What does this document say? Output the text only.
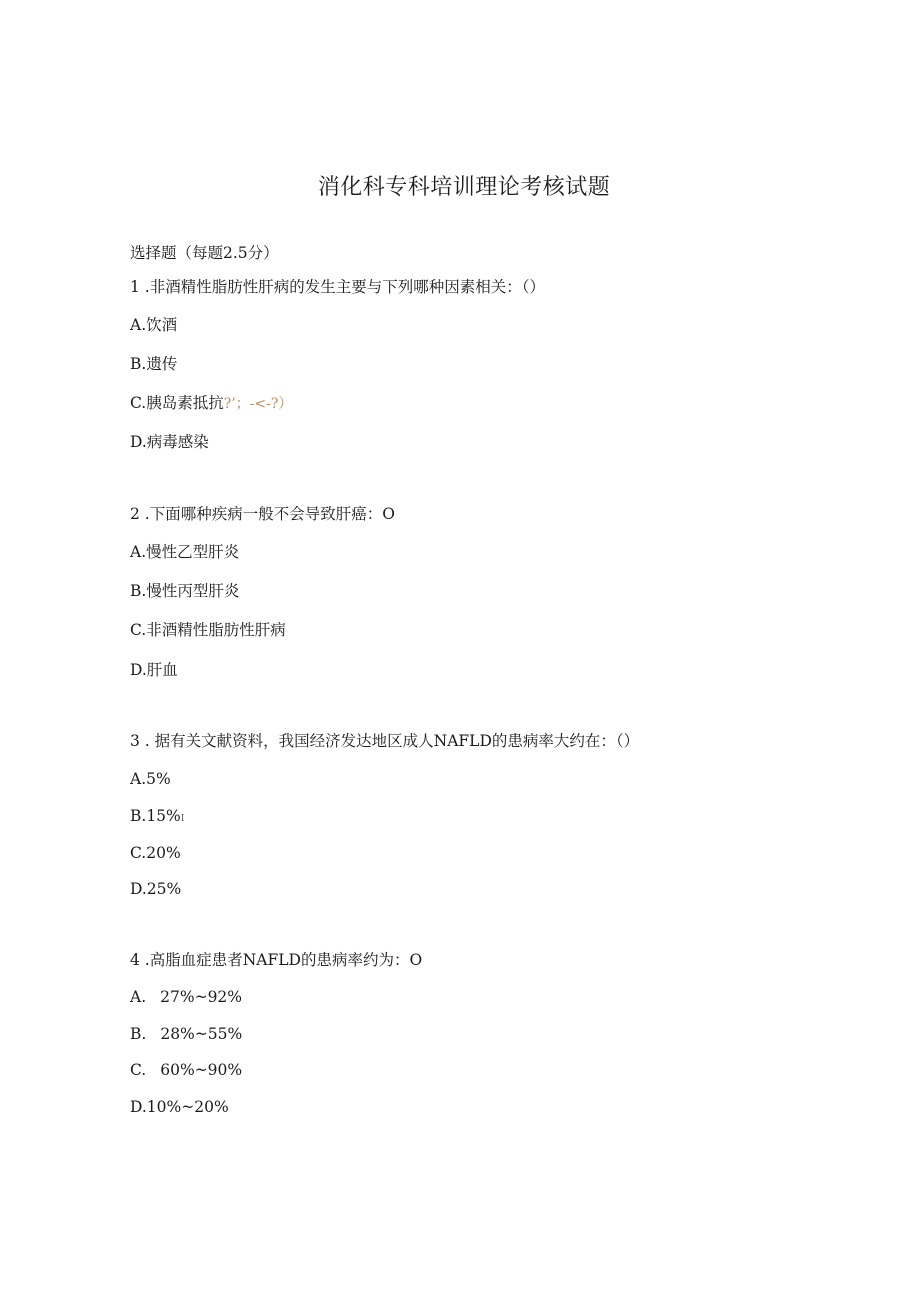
消化科专科培训理论考核试题
选择题（每题2.5分）
1 .非酒精性脂肪性肝病的发生主要与下列哪种因素相关：（）
A.饮酒
B.遗传
C.胰岛素抵抗?’；-<-?）
D.病毒感染
2 .下面哪种疾病一般不会导致肝癌：O
A.慢性乙型肝炎
B.慢性丙型肝炎
C.非酒精性脂肪性肝病
D.肝血
3 . 据有关文献资料，我国经济发达地区成人NAFLD的患病率大约在：（）
A.5%
B.15%I
C.20%
D.25%
4 .高脂血症患者NAFLD的患病率约为：O
A. 27%~92%
B. 28%~55%
C. 60%~90%
D.10%~20%
